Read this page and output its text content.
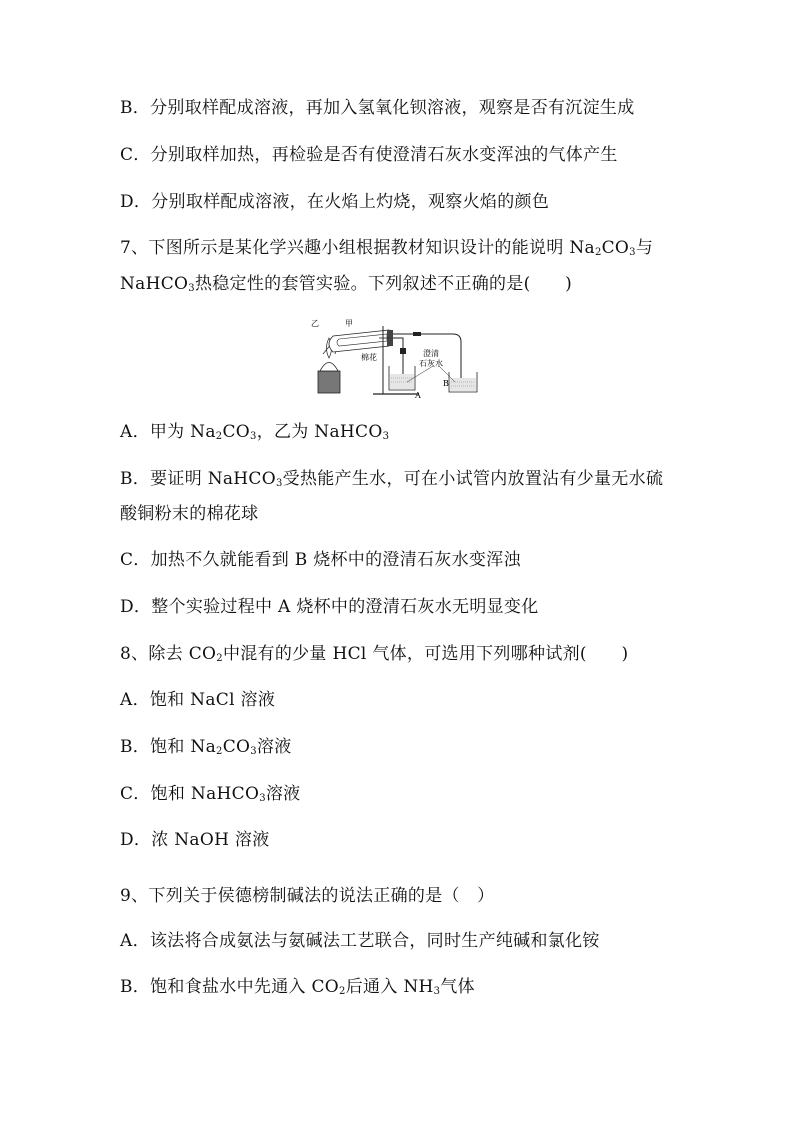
B．分别取样配成溶液，再加入氢氧化钡溶液，观察是否有沉淀生成
C．分别取样加热，再检验是否有使澄清石灰水变浑浊的气体产生
D．分别取样配成溶液，在火焰上灼烧，观察火焰的颜色
7、下图所示是某化学兴趣小组根据教材知识设计的能说明 $Na_2CO_3$与
NaHCO$_3$热稳定性的套管实验。下列叙述不正确的是(　　)
乙	甲
棉花	澄清
石灰水
A
B
A．甲为 $Na_2CO_3$，乙为 NaHCO$_3$
B．要证明 NaHCO$_3$受热能产生水，可在小试管内放置沾有少量无水硫
酸铜粉末的棉花球
C．加热不久就能看到 B 烧杯中的澄清石灰水变浑浊
D．整个实验过程中 A 烧杯中的澄清石灰水无明显变化
8、除去 $CO_2$中混有的少量 HCl 气体，可选用下列哪种试剂(　　)
A．饱和 NaCl 溶液
B．饱和 $Na_2CO_3$溶液
C．饱和 NaHCO$_3$溶液
D．浓 NaOH 溶液
9、下列关于侯德榜制碱法的说法正确的是（　）
A．该法将合成氨法与氨碱法工艺联合，同时生产纯碱和氯化铵
B．饱和食盐水中先通入 $CO_2$后通入 $NH_3$气体
